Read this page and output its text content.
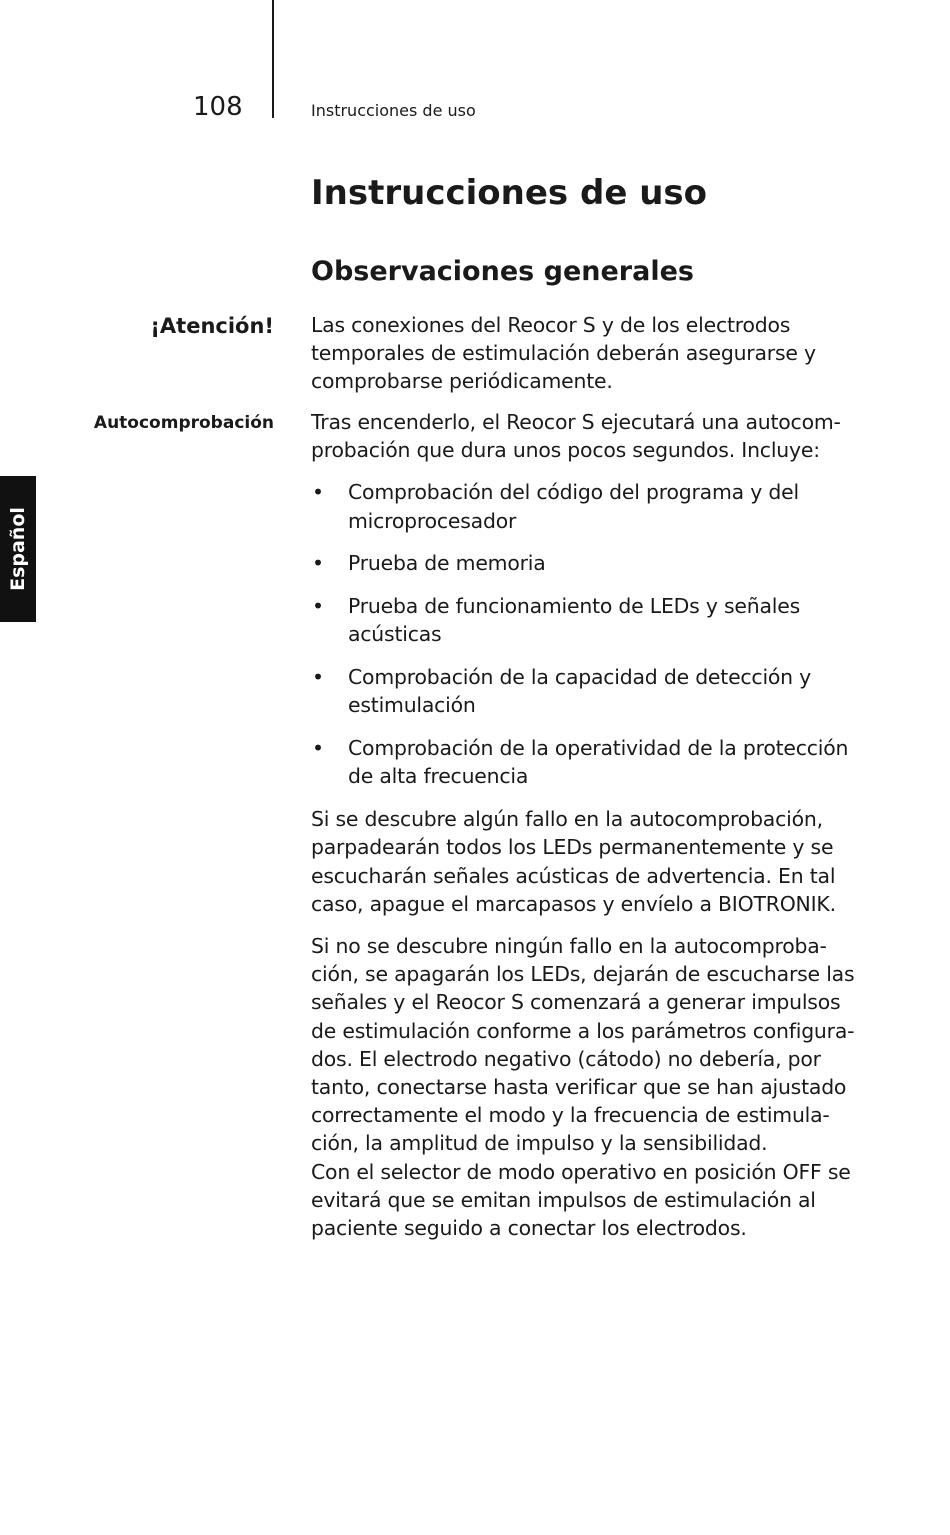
108	Instrucciones de uso
Español
Instrucciones de uso
Observaciones generales
¡Atención! Las conexiones del Reocor S y de los electrodos temporales de estimulación deberán asegurarse y comprobarse periódicamente.
Autocomprobación Tras encenderlo, el Reocor S ejecutará una autocom-probación que dura unos pocos segundos. Incluye:

• Comprobación del código del programa y del microprocesador
• Prueba de memoria
• Prueba de funcionamiento de LEDs y señales acústicas
• Comprobación de la capacidad de detección y estimulación
• Comprobación de la operatividad de la protección de alta frecuencia

Si se descubre algún fallo en la autocomprobación, parpadearán todos los LEDs permanentemente y se escucharán señales acústicas de advertencia. En tal caso, apague el marcapasos y envíelo a BIOTRONIK.

Si no se descubre ningún fallo en la autocomproba-ción, se apagarán los LEDs, dejarán de escucharse las señales y el Reocor S comenzará a generar impulsos de estimulación conforme a los parámetros configura-dos. El electrodo negativo (cátodo) no debería, por tanto, conectarse hasta verificar que se han ajustado correctamente el modo y la frecuencia de estimula-ción, la amplitud de impulso y la sensibilidad.

Con el selector de modo operativo en posición OFF se evitará que se emitan impulsos de estimulación al paciente seguido a conectar los electrodos.
